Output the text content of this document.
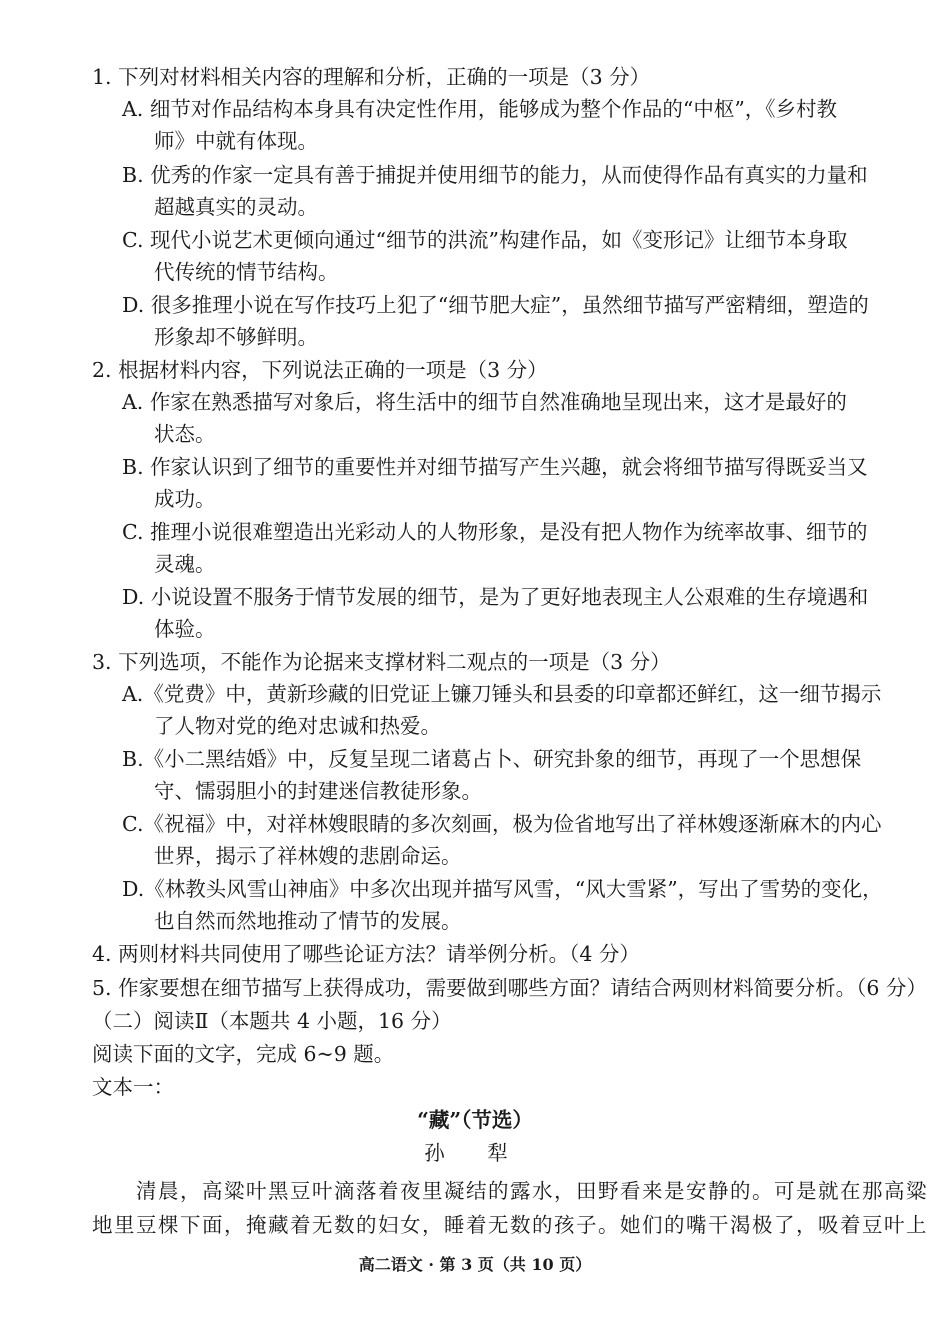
1. 下列对材料相关内容的理解和分析，正确的一项是（3 分）
A. 细节对作品结构本身具有决定性作用，能够成为整个作品的“中枢”，《乡村教
师》中就有体现。
B. 优秀的作家一定具有善于捕捉并使用细节的能力，从而使得作品有真实的力量和
超越真实的灵动。
C. 现代小说艺术更倾向通过“细节的洪流”构建作品，如《变形记》让细节本身取
代传统的情节结构。
D. 很多推理小说在写作技巧上犯了“细节肥大症”，虽然细节描写严密精细，塑造的
形象却不够鲜明。
2. 根据材料内容，下列说法正确的一项是（3 分）
A. 作家在熟悉描写对象后，将生活中的细节自然准确地呈现出来，这才是最好的
状态。
B. 作家认识到了细节的重要性并对细节描写产生兴趣，就会将细节描写得既妥当又
成功。
C. 推理小说很难塑造出光彩动人的人物形象，是没有把人物作为统率故事、细节的
灵魂。
D. 小说设置不服务于情节发展的细节，是为了更好地表现主人公艰难的生存境遇和
体验。
3. 下列选项，不能作为论据来支撑材料二观点的一项是（3 分）
A.《党费》中，黄新珍藏的旧党证上镰刀锤头和县委的印章都还鲜红，这一细节揭示
了人物对党的绝对忠诚和热爱。
B.《小二黑结婚》中，反复呈现二诸葛占卜、研究卦象的细节，再现了一个思想保
守、懦弱胆小的封建迷信教徒形象。
C.《祝福》中，对祥林嫂眼睛的多次刻画，极为俭省地写出了祥林嫂逐渐麻木的内心
世界，揭示了祥林嫂的悲剧命运。
D.《林教头风雪山神庙》中多次出现并描写风雪，“风大雪紧”，写出了雪势的变化，
也自然而然地推动了情节的发展。
4. 两则材料共同使用了哪些论证方法？请举例分析。（4 分）
5. 作家要想在细节描写上获得成功，需要做到哪些方面？请结合两则材料简要分析。（6 分）
（二）阅读Ⅱ（本题共 4 小题，16 分）
阅读下面的文字，完成 6~9 题。
文本一：
“藏”（节选）
孙 犁
　　清晨，高粱叶黑豆叶滴落着夜里凝结的露水，田野看来是安静的。可是就在那高粱
地里豆棵下面，掩藏着无数的妇女，睡着无数的孩子。她们的嘴干渴极了，吸着豆叶上
高二语文 · 第 3 页（共 10 页）
